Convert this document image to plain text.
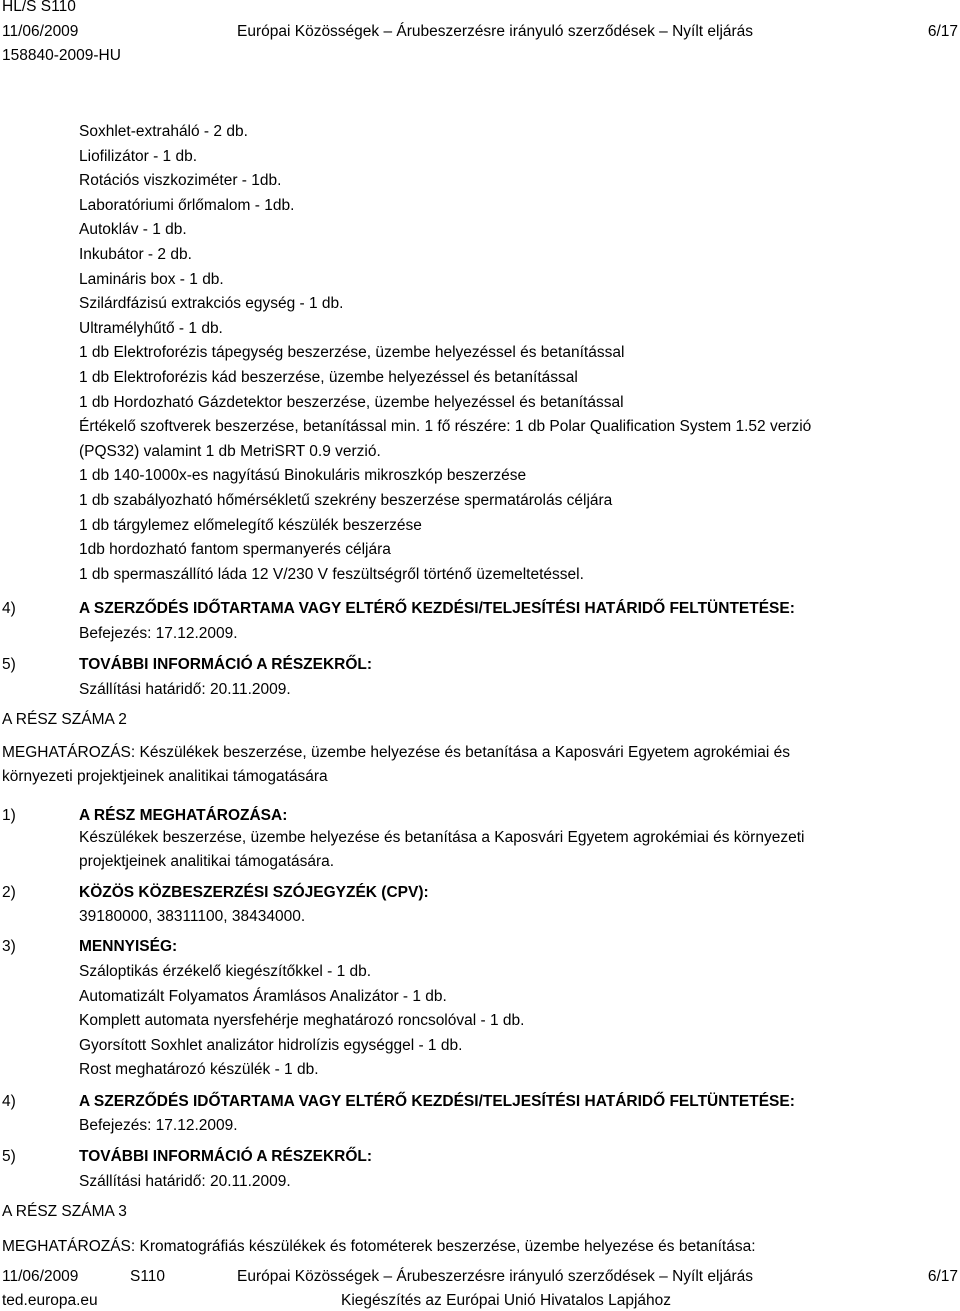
HL/S S110
11/06/2009	Európai Közösségek – Árubeszerzésre irányuló szerződések – Nyílt eljárás	6/17
158840-2009-HU
Soxhlet-extraháló - 2 db.
Liofilizátor - 1 db.
Rotációs viszkoziméter - 1db.
Laboratóriumi őrlőmalom - 1db.
Autokláv - 1 db.
Inkubátor - 2 db.
Lamináris box - 1 db.
Szilárdfázisú extrakciós egység - 1 db.
Ultramélyhűtő - 1 db.
1 db Elektroforézis tápegység beszerzése, üzembe helyezéssel és betanítással
1 db Elektroforézis kád beszerzése, üzembe helyezéssel és betanítással
1 db Hordozható Gázdetektor beszerzése, üzembe helyezéssel és betanítással
Értékelő szoftverek beszerzése, betanítással min. 1 fő részére: 1 db Polar Qualification System 1.52 verzió
(PQS32) valamint 1 db MetriSRT 0.9 verzió.
1 db 140-1000x-es nagyítású Binokuláris mikroszkóp beszerzése
1 db szabályozható hőmérsékletű szekrény beszerzése spermatárolás céljára
1 db tárgylemez előmelegítő készülék beszerzése
1db hordozható fantom spermanyerés céljára
1 db spermaszállító láda 12 V/230 V feszültségről történő üzemeltetéssel.
4)	A SZERZŐDÉS IDŐTARTAMA VAGY ELTÉRŐ KEZDÉSI/TELJESÍTÉSI HATÁRIDŐ FELTÜNTETÉSE:
Befejezés: 17.12.2009.
5)	TOVÁBBI INFORMÁCIÓ A RÉSZEKRŐL:
Szállítási határidő: 20.11.2009.
A RÉSZ SZÁMA 2
MEGHATÁROZÁS: Készülékek beszerzése, üzembe helyezése és betanítása a Kaposvári Egyetem agrokémiai és
környezeti projektjeinek analitikai támogatására
1)	A RÉSZ MEGHATÁROZÁSA:
Készülékek beszerzése, üzembe helyezése és betanítása a Kaposvári Egyetem agrokémiai és környezeti
projektjeinek analitikai támogatására.
2)	KÖZÖS KÖZBESZERZÉSI SZÓJEGYZÉK (CPV):
39180000, 38311100, 38434000.
3)	MENNYISÉG:
Száloptikás érzékelő kiegészítőkkel - 1 db.
Automatizált Folyamatos Áramlásos Analizátor - 1 db.
Komplett automata nyersfehérje meghatározó roncsolóval - 1 db.
Gyorsított Soxhlet analizátor hidrolízis egységgel - 1 db.
Rost meghatározó készülék - 1 db.
4)	A SZERZŐDÉS IDŐTARTAMA VAGY ELTÉRŐ KEZDÉSI/TELJESÍTÉSI HATÁRIDŐ FELTÜNTETÉSE:
Befejezés: 17.12.2009.
5)	TOVÁBBI INFORMÁCIÓ A RÉSZEKRŐL:
Szállítási határidő: 20.11.2009.
A RÉSZ SZÁMA 3
MEGHATÁROZÁS: Kromatográfiás készülékek és fotométerek beszerzése, üzembe helyezése és betanítása:
11/06/2009	S110	Európai Közösségek – Árubeszerzésre irányuló szerződések – Nyílt eljárás	6/17
ted.europa.eu	Kiegészítés az Európai Unió Hivatalos Lapjához
